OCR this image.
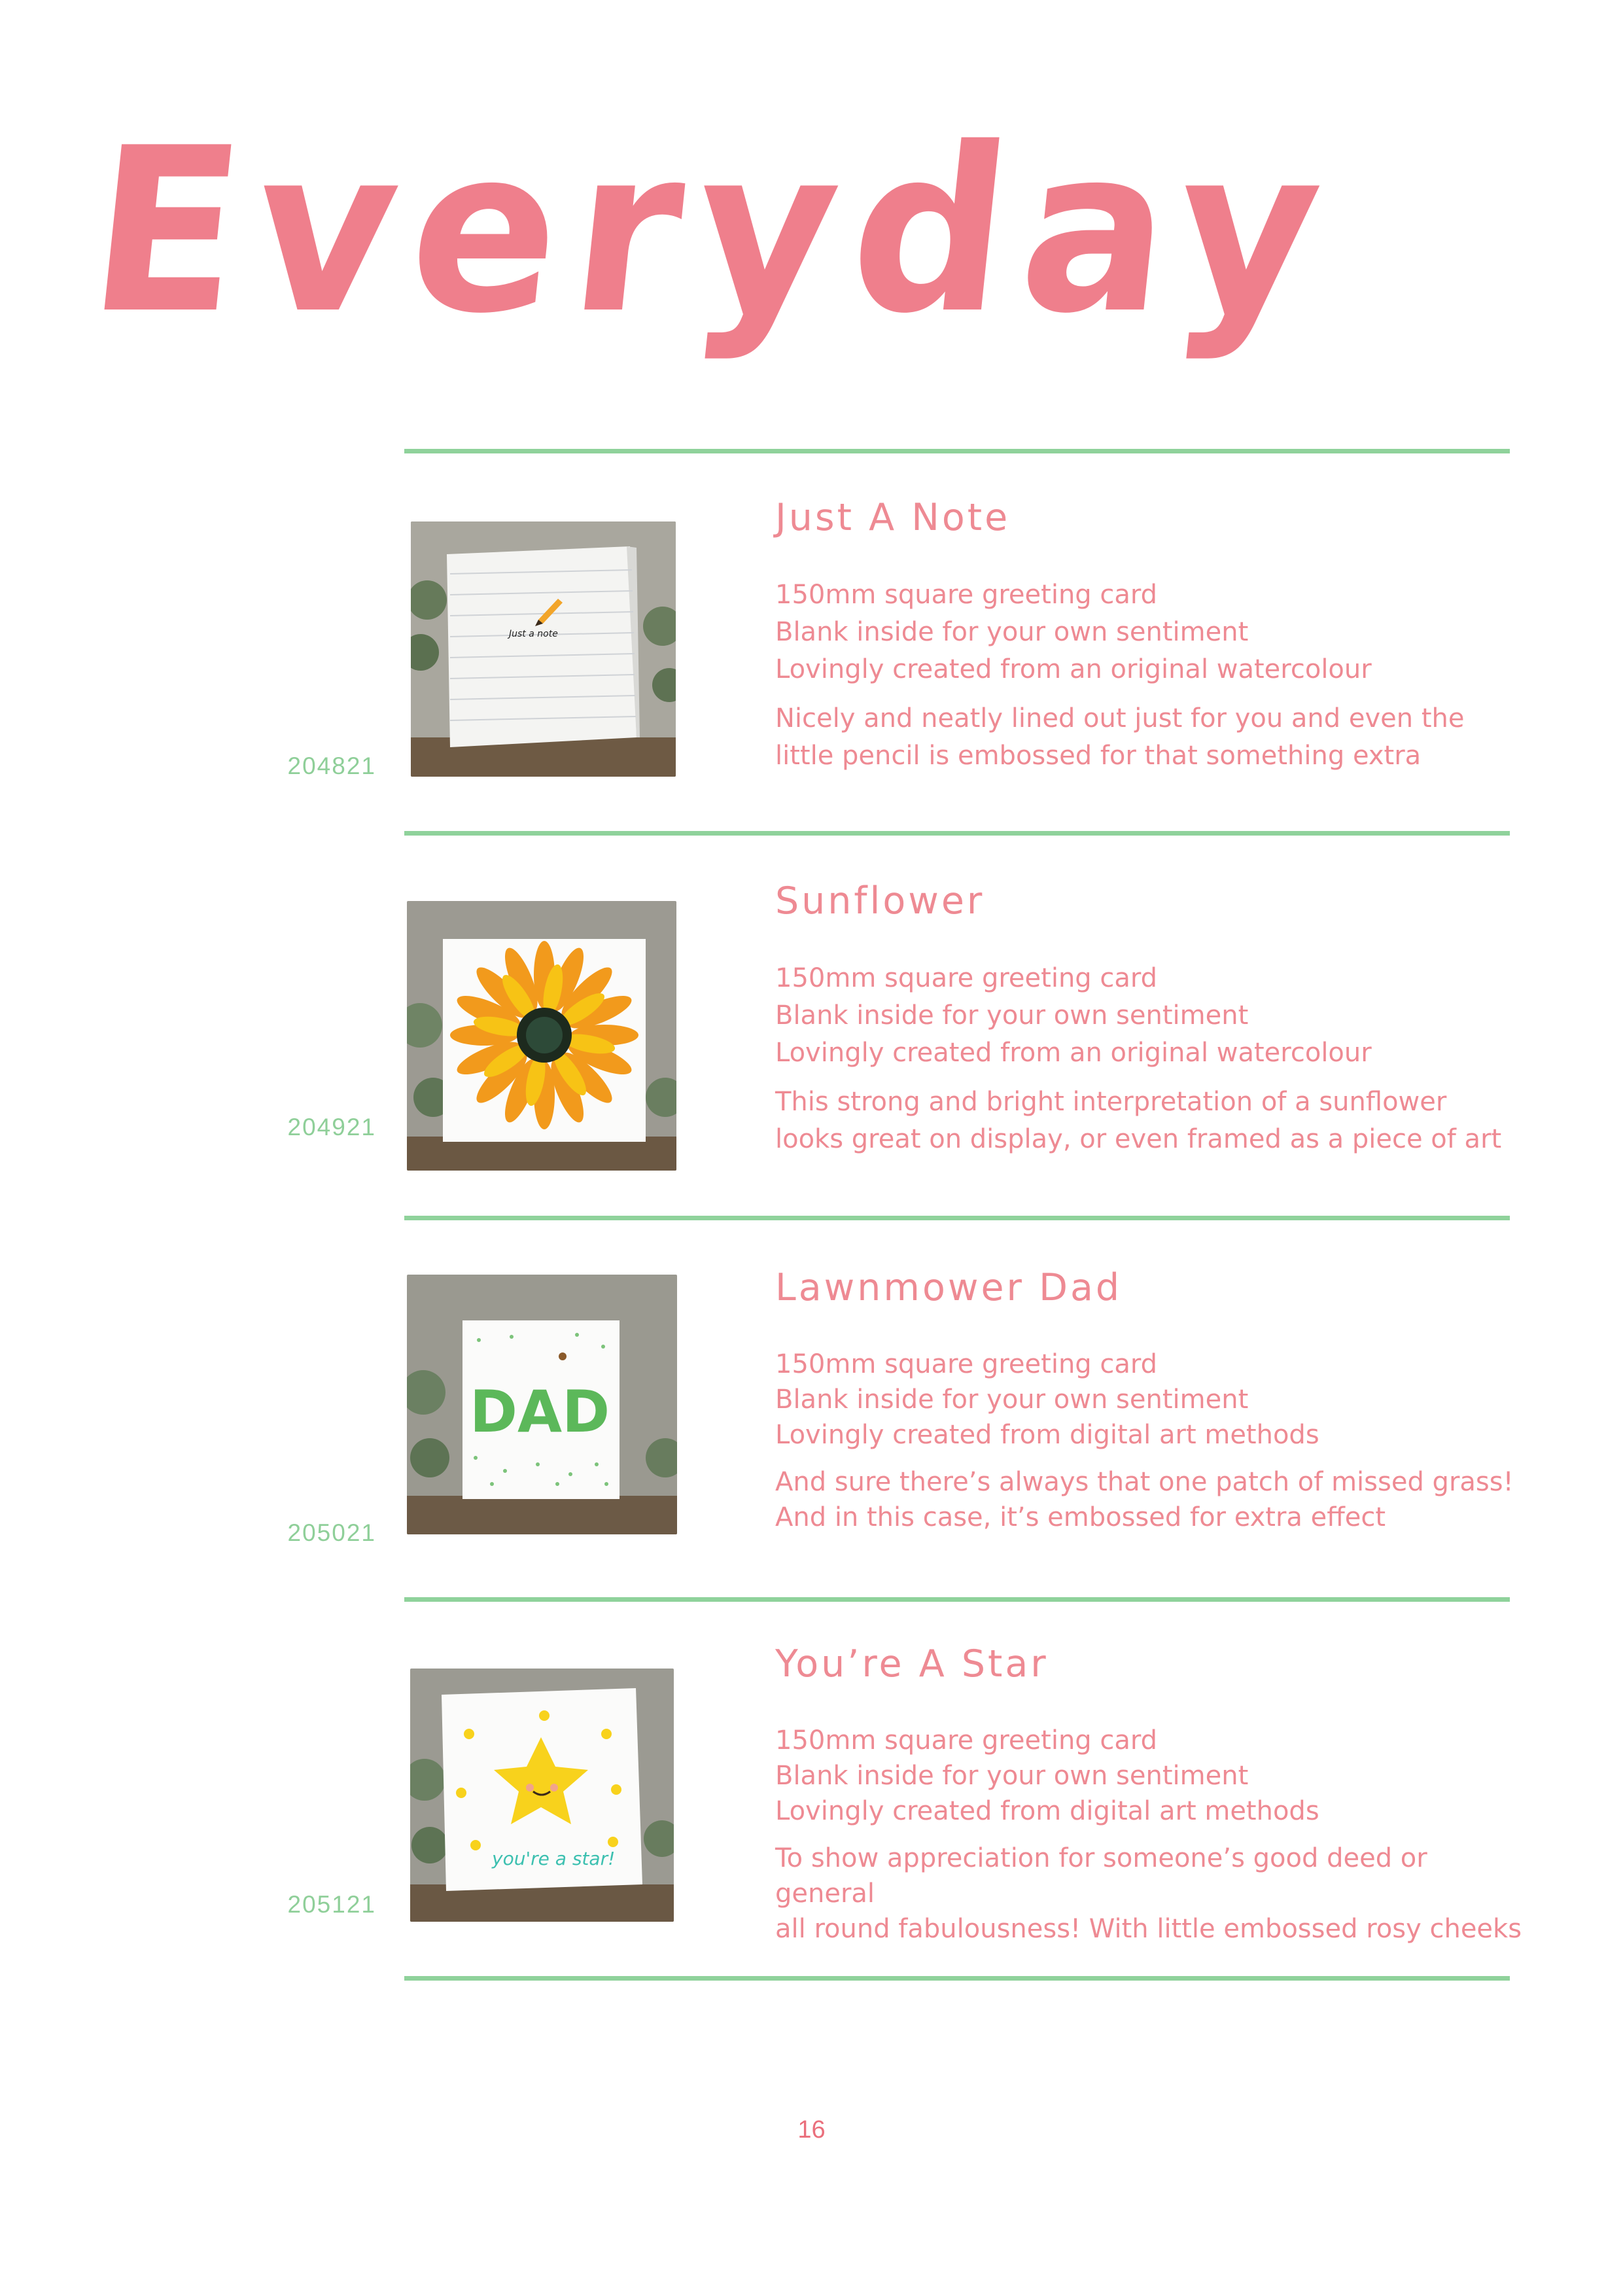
Everyday
204821
Just a note
Just A Note
150mm square greeting card
Blank inside for your own sentiment
Lovingly created from an original watercolour
Nicely and neatly lined out just for you and even the
little pencil is embossed for that something extra
204921
Sunflower
150mm square greeting card
Blank inside for your own sentiment
Lovingly created from an original watercolour
This strong and bright interpretation of a sunflower
looks great on display, or even framed as a piece of art
205021
DAD
Lawnmower Dad
150mm square greeting card
Blank inside for your own sentiment
Lovingly created from digital art methods
And sure there’s always that one patch of missed grass!
And in this case, it’s embossed for extra effect
205121
you're a star!
You’re A Star
150mm square greeting card
Blank inside for your own sentiment
Lovingly created from digital art methods
To show appreciation for someone’s good deed or general
all round fabulousness! With little embossed rosy cheeks
16
